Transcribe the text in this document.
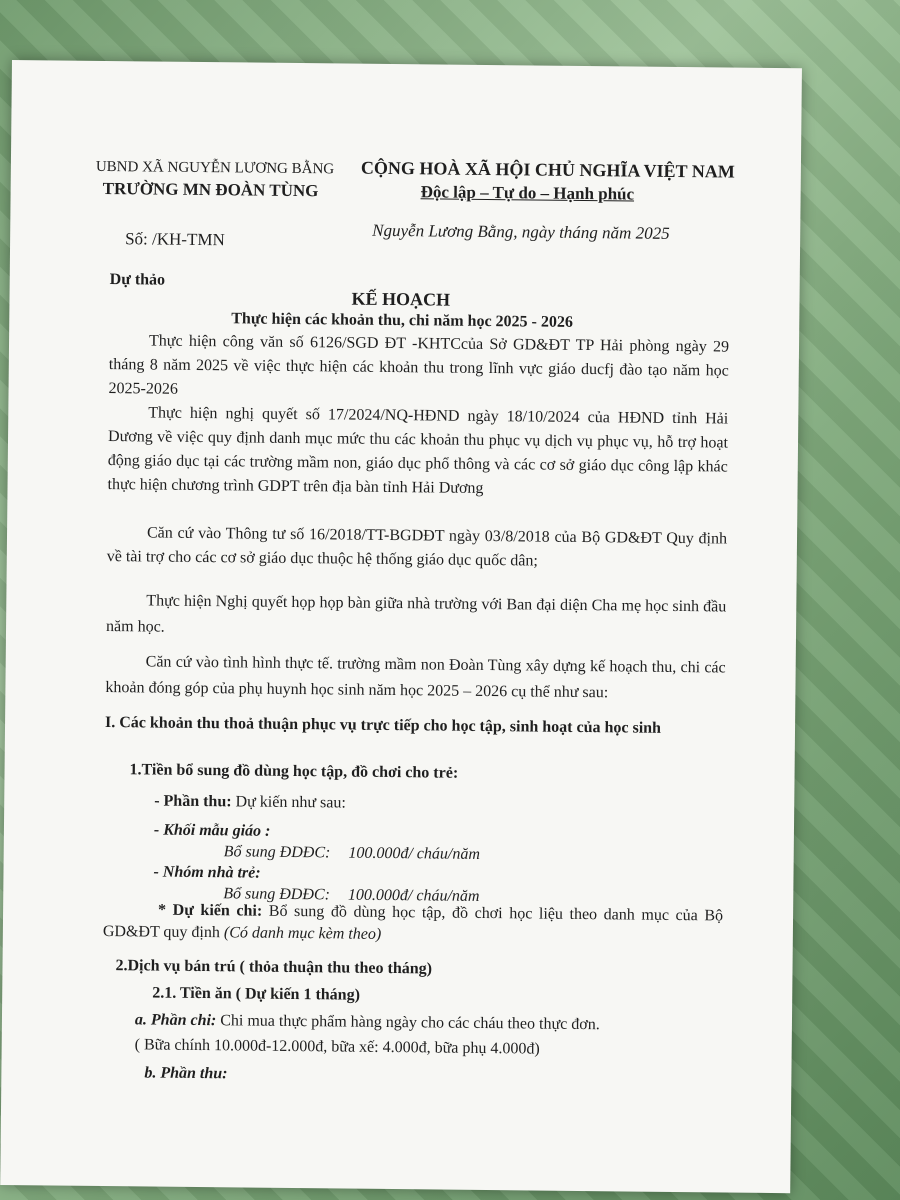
UBND XÃ NGUYỄN LƯƠNG BẰNG
TRƯỜNG MN ĐOÀN TÙNG
CỘNG HOÀ XÃ HỘI CHỦ NGHĨA VIỆT NAM
Độc lập – Tự do – Hạnh phúc
Số: /KH-TMN	Nguyễn Lương Bằng, ngày tháng năm 2025
Dự thảo
KẾ HOẠCH
Thực hiện các khoản thu, chi năm học 2025 - 2026
Thực hiện công văn số 6126/SGD ĐT -KHTCcủa Sở GD&ĐT TP Hải phòng ngày 29 tháng 8 năm 2025 về việc thực hiện các khoản thu trong lĩnh vực giáo ducfj đào tạo năm học 2025-2026
Thực hiện nghị quyết số 17/2024/NQ-HĐND ngày 18/10/2024 của HĐND tỉnh Hải Dương về việc quy định danh mục mức thu các khoản thu phục vụ dịch vụ phục vụ, hỗ trợ hoạt động giáo dục tại các trường mầm non, giáo dục phổ thông và các cơ sở giáo dục công lập khác thực hiện chương trình GDPT trên địa bàn tỉnh Hải Dương
Căn cứ vào Thông tư số 16/2018/TT-BGDĐT ngày 03/8/2018 của Bộ GD&ĐT Quy định về tài trợ cho các cơ sở giáo dục thuộc hệ thống giáo dục quốc dân;
Thực hiện Nghị quyết họp họp bàn giữa nhà trường với Ban đại diện Cha mẹ học sinh đầu năm học.
Căn cứ vào tình hình thực tế. trường mầm non Đoàn Tùng xây dựng kế hoạch thu, chi các khoản đóng góp của phụ huynh học sinh năm học 2025 – 2026 cụ thể như sau:
I. Các khoản thu thoả thuận phục vụ trực tiếp cho học tập, sinh hoạt của học sinh
1.Tiền bổ sung đồ dùng học tập, đồ chơi cho trẻ:
- Phần thu: Dự kiến như sau:
- Khối mẫu giáo :
Bổ sung ĐDĐC: 100.000đ/ cháu/năm
- Nhóm nhà trẻ:
Bổ sung ĐDĐC: 100.000đ/ cháu/năm
* Dự kiến chi: Bổ sung đồ dùng học tập, đồ chơi học liệu theo danh mục của Bộ GD&ĐT quy định (Có danh mục kèm theo)
2.Dịch vụ bán trú ( thỏa thuận thu theo tháng)
2.1. Tiền ăn ( Dự kiến 1 tháng)
a. Phần chi: Chi mua thực phẩm hàng ngày cho các cháu theo thực đơn.
( Bữa chính 10.000đ-12.000đ, bữa xế: 4.000đ, bữa phụ 4.000đ)
b. Phần thu:
